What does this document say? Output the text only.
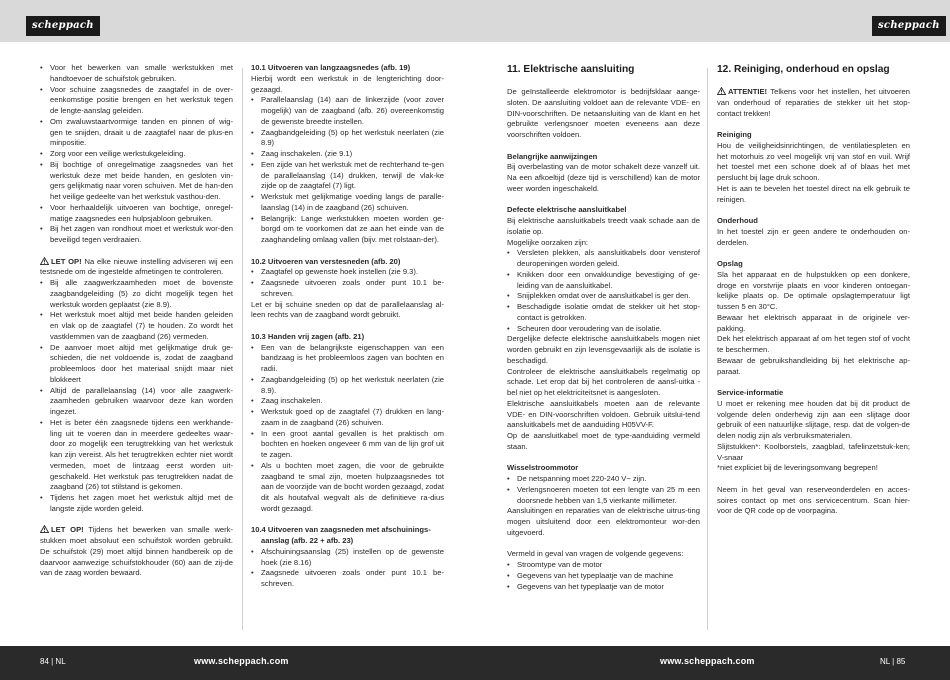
scheppach	scheppach
• Voor het bewerken van smalle werkstukken met handtoevoer de schuifstok gebruiken.
• Voor schuine zaagsnedes de zaagtafel in de over-eenkomstige positie brengen en het werkstuk tegen de lengte-aanslag geleiden.
• Om zwaluwstaartvormige tanden en pinnen of wig-gen te snijden, draait u de zaagtafel naar de plus-en minpositie.
• Zorg voor een veilige werkstukgeleiding.
• Bij bochtige of onregelmatige zaagsnedes van het werkstuk deze met beide handen, en gesloten vin-gers gelijkmatig naar voren schuiven. Met de han-den het veilige gedeelte van het werkstuk vasthou-den.
• Voor herhaaldelijk uitvoeren van bochtige, onregel-matige zaagsnedes een hulpsjabloon gebruiken.
• Bij het zagen van rondhout moet et werkstuk wor-den beveiligd tegen verdraaien.
LET OP! Na elke nieuwe instelling adviseren wij een testsnede om de ingestelde afmetingen te controleren.
• Bij alle zaagwerkzaamheden moet de bovenste zaagbandgeleiding (5) zo dicht mogelijk tegen het werkstuk worden geplaatst (zie 8.9).
• Het werkstuk moet altijd met beide handen geleiden en vlak op de zaagtafel (7) te houden. Zo wordt het vastklemmen van de zaagband (26) vermeden.
• De aanvoer moet altijd met gelijkmatige druk ge-schieden, die net voldoende is, zodat de zaagband probleemloos door het materiaal snijdt maar niet blokkeert
• Altijd de parallelaanslag (14) voor alle zaagwerk-zaamheden gebruiken waarvoor deze kan worden ingezet.
• Het is beter één zaagsnede tijdens een werkhande-ling uit te voeren dan in meerdere gedeeltes waar-door zo mogelijk een terugtrekking van het werkstuk kan zijn vereist. Als het terugtrekken echter niet wordt vermeden, moet de lintzaag eerst worden uit-geschakeld. Het werkstuk pas terugtrekken nadat de zaagband (26) tot stilstand is gekomen.
• Tijdens het zagen moet het werkstuk altijd met de langste zijde worden geleid.
LET OP! Tijdens het bewerken van smalle werk-stukken moet absoluut een schuifstok worden gebruikt. De schuifstok (29) moet altijd binnen handbereik op de daarvoor aanwezige schuifstokhouder (60) aan de zij-de van de zaag worden bewaard.
10.1 Uitvoeren van langzaagsnedes (afb. 19)
Hierbij wordt een werkstuk in de lengterichting door-gezaagd.
• Parallelaanslag (14) aan de linkerzijde (voor zover mogelijk) van de zaagband (afb. 26) overeenkomstig de gewenste breedte instellen.
• Zaagbandgeleiding (5) op het werkstuk neerlaten (zie 8.9)
• Zaag inschakelen. (zie 9.1)
• Een zijde van het werkstuk met de rechterhand te-gen de parallelaanslag (14) drukken, terwijl de vlak-ke zijde op de zaagtafel (7) ligt.
• Werkstuk met gelijkmatige voeding langs de paralle-laanslag (14) in de zaagband (26) schuiven.
• Belangrijk: Lange werkstukken moeten worden ge-borgd om te voorkomen dat ze aan het einde van de zaaghandeling omlaag vallen (bijv. met rolstaan-der).
10.2 Uitvoeren van verstesneden (afb. 20)
• Zaagtafel op gewenste hoek instellen (zie 9.3).
• Zaagsnede uitvoeren zoals onder punt 10.1 be-schreven.
Let er bij schuine sneden op dat de parallelaanslag al-leen rechts van de zaagband wordt gebruikt.
10.3 Handen vrij zagen (afb. 21)
• Een van de belangrijkste eigenschappen van een bandzaag is het probleemloos zagen van bochten en radii.
• Zaagbandgeleiding (5) op het werkstuk neerlaten (zie 8.9).
• Zaag inschakelen.
• Werkstuk goed op de zaagtafel (7) drukken en lang-zaam in de zaagband (26) schuiven.
• In een groot aantal gevallen is het praktisch om bochten en hoeken ongeveer 6 mm van de lijn grof uit te zagen.
• Als u bochten moet zagen, die voor de gebruikte zaagband te smal zijn, moeten hulpzaagsnedes tot aan de voorzijde van de bocht worden gezaagd, zodat dit als houtafval wegvalt als de definitieve ra-dius wordt gezaagd.
10.4 Uitvoeren van zaagsneden met afschuinings-
aanslag (afb. 22 + afb. 23)
• Afschuiningsaanslag (25) instellen op de gewenste hoek (zie 8.16)
• Zaagsnede uitvoeren zoals onder punt 10.1 be-schreven.
11. Elektrische aansluiting
De geïnstalleerde elektromotor is bedrijfsklaar aange-sloten. De aansluiting voldoet aan de relevante VDE- en DIN-voorschriften. De netaansluiting van de klant en het gebruikte verlengsnoer moeten eveneens aan deze voorschriften voldoen.
Belangrijke aanwijzingen
Bij overbelasting van de motor schakelt deze vanzelf uit. Na een afkoeltijd (deze tijd is verschillend) kan de motor weer worden ingeschakeld.
Defecte elektrische aansluitkabel
Bij elektrische aansluitkabels treedt vaak schade aan de isolatie op.
Mogelijke oorzaken zijn:
• Versleten plekken, als aansluitkabels door vensterof deuropeningen worden geleid.
• Knikken door een onvakkundige bevestiging of ge-leiding van de aansluitkabel.
• Snijplekken omdat over de aansluitkabel is ger den.
• Beschadigde isolatie omdat de stekker uit het stop-contact is getrokken.
• Scheuren door veroudering van de isolatie.
Dergelijke defecte elektrische aansluitkabels mogen niet worden gebruikt en zijn levensgevaarlijk als de isolatie is beschadigd.
Controleer de elektrische aansluitkabels regelmatig op schade. Let erop dat bij het controleren de aansl-uitka - bel niet op het elektriciteitsnet is aangesloten.
Elektrische aansluitkabels moeten aan de relevante VDE- en DIN-voorschriften voldoen. Gebruik uitslui-tend aansluitkabels met de aanduiding H05VV-F.
Op de aansluitkabel moet de type-aanduiding vermeld staan.
Wisselstroommotor
• De netspanning moet 220-240 V~ zijn.
• Verlengsnoeren moeten tot een lengte van 25 m een doorsnede hebben van 1,5 vierkante millimeter.
Aansluitingen en reparaties van de elektrische uitrus-ting mogen uitsluitend door een elektromonteur wor-den uitgevoerd.
Vermeld in geval van vragen de volgende gegevens:
• Stroomtype van de motor
• Gegevens van het typeplaatje van de machine
• Gegevens van het typeplaatje van de motor
12. Reiniging, onderhoud en opslag
ATTENTIE! Telkens voor het instellen, het uitvoeren van onderhoud of reparaties de stekker uit het stop-contact trekken!
Reiniging
Hou de veiligheidsinrichtingen, de ventilatiespleten en het motorhuis zo veel mogelijk vrij van stof en vuil. Wrijf het toestel met een schone doek af of blaas het met perslucht bij lage druk schoon.
Het is aan te bevelen het toestel direct na elk gebruik te reinigen.
Onderhoud
In het toestel zijn er geen andere te onderhouden on-derdelen.
Opslag
Sla het apparaat en de hulpstukken op een donkere, droge en vorstvrije plaats en voor kinderen ontoegan-kelijke plaats op. De optimale opslagtemperatuur ligt tussen 5 en 30°C.
Bewaar het elektrisch apparaat in de originele ver-pakking.
Dek het elektrisch apparaat af om het tegen stof of vocht te beschermen.
Bewaar de gebruikshandleiding bij het elektrische ap-paraat.
Service-informatie
U moet er rekening mee houden dat bij dit product de volgende delen onderhevig zijn aan een slijtage door gebruik of een natuurlijke slijtage, resp. dat de volgen-de delen nodig zijn als verbruiksmaterialen.
Slijtstukken*: Koolborstels, zaagblad, tafelinzetstuk-ken; V-snaar
*niet expliciet bij de leveringsomvang begrepen!
Neem in het geval van reserveonderdelen en acces-soires contact op met ons servicecentrum. Scan hier-voor de QR code op de voorpagina.
84 | NL	www.scheppach.com	www.scheppach.com	NL | 85
